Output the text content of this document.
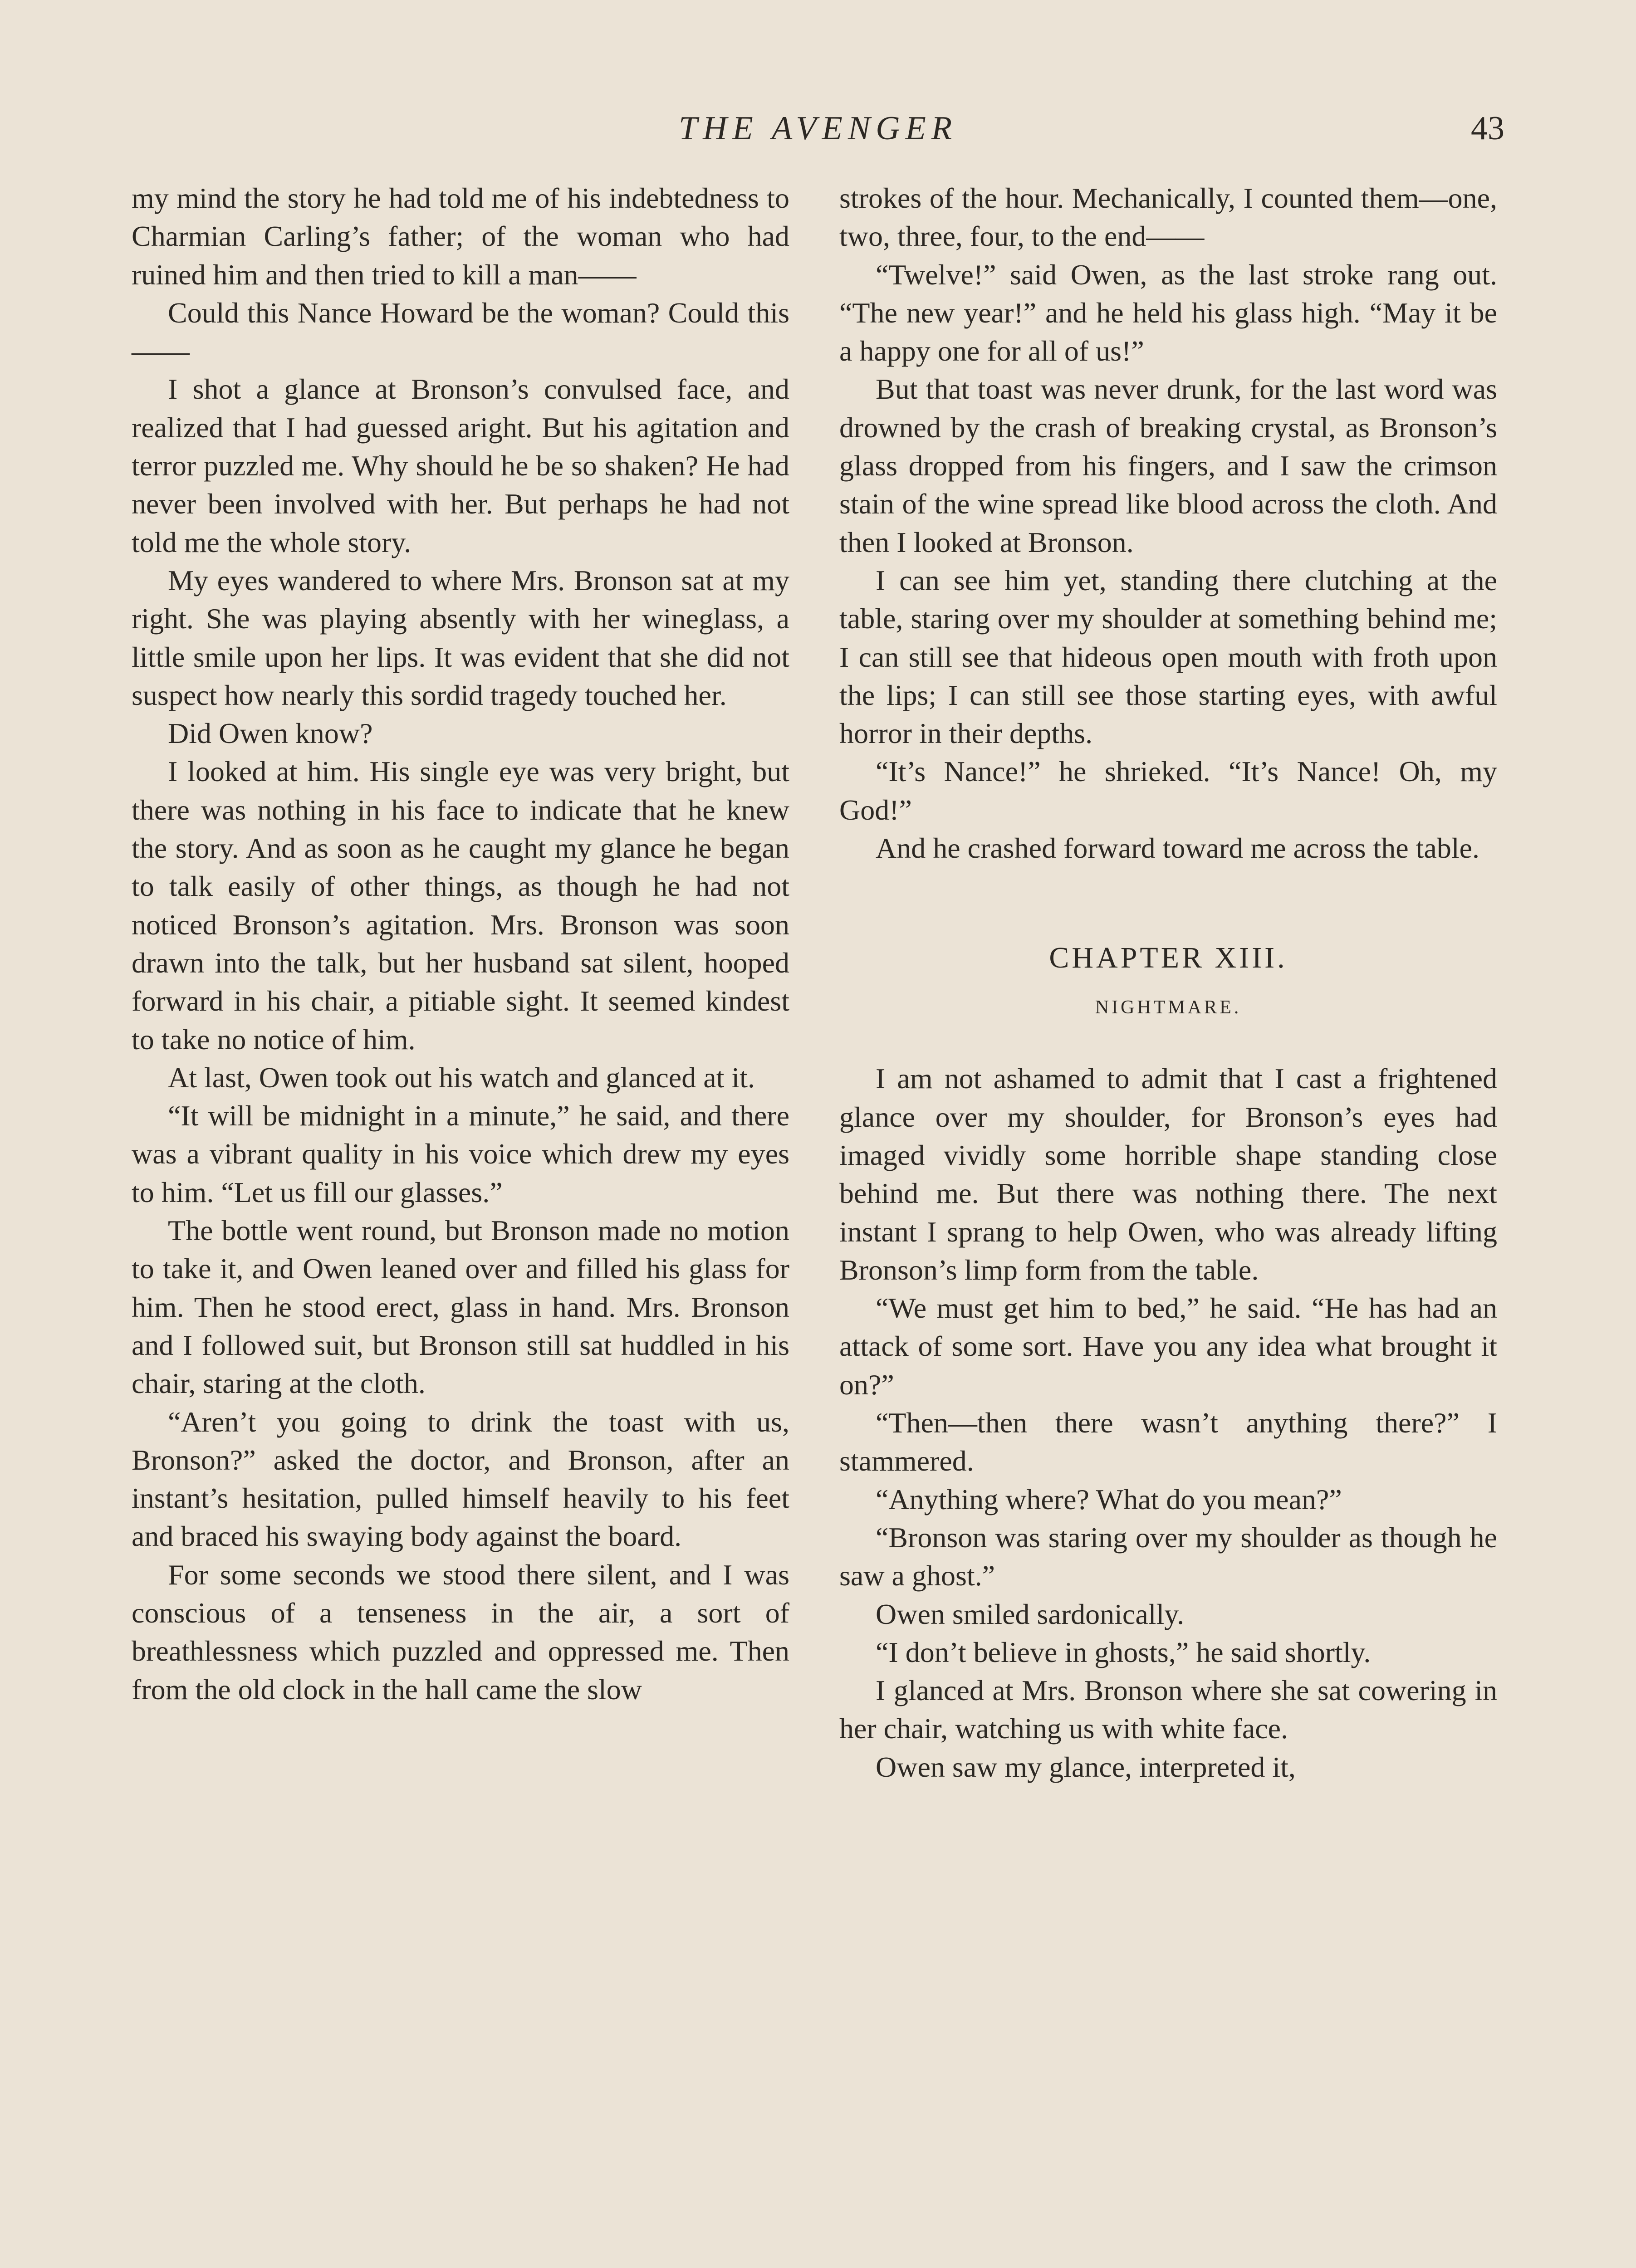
THE AVENGER	43

my mind the story he had told me of his indebtedness to Charmian Carling’s father; of the woman who had ruined him and then tried to kill a man——

Could this Nance Howard be the woman? Could this——

I shot a glance at Bronson’s convulsed face, and realized that I had guessed aright. But his agitation and terror puzzled me. Why should he be so shaken? He had never been involved with her. But perhaps he had not told me the whole story.

My eyes wandered to where Mrs. Bronson sat at my right. She was playing absently with her wineglass, a little smile upon her lips. It was evident that she did not suspect how nearly this sordid tragedy touched her.

Did Owen know?

I looked at him. His single eye was very bright, but there was nothing in his face to indicate that he knew the story. And as soon as he caught my glance he began to talk easily of other things, as though he had not noticed Bronson’s agitation. Mrs. Bronson was soon drawn into the talk, but her husband sat silent, hooped forward in his chair, a pitiable sight. It seemed kindest to take no notice of him.

At last, Owen took out his watch and glanced at it.

“It will be midnight in a minute,” he said, and there was a vibrant quality in his voice which drew my eyes to him. “Let us fill our glasses.”

The bottle went round, but Bronson made no motion to take it, and Owen leaned over and filled his glass for him. Then he stood erect, glass in hand. Mrs. Bronson and I followed suit, but Bronson still sat huddled in his chair, staring at the cloth.

“Aren’t you going to drink the toast with us, Bronson?” asked the doctor, and Bronson, after an instant’s hesitation, pulled himself heavily to his feet and braced his swaying body against the board.

For some seconds we stood there silent, and I was conscious of a tenseness in the air, a sort of breathlessness which puzzled and oppressed me. Then from the old clock in the hall came the slow

strokes of the hour. Mechanically, I counted them—one, two, three, four, to the end——

“Twelve!” said Owen, as the last stroke rang out. “The new year!” and he held his glass high. “May it be a happy one for all of us!”

But that toast was never drunk, for the last word was drowned by the crash of breaking crystal, as Bronson’s glass dropped from his fingers, and I saw the crimson stain of the wine spread like blood across the cloth. And then I looked at Bronson.

I can see him yet, standing there clutching at the table, staring over my shoulder at something behind me; I can still see that hideous open mouth with froth upon the lips; I can still see those starting eyes, with awful horror in their depths.

“It’s Nance!” he shrieked. “It’s Nance! Oh, my God!”

And he crashed forward toward me across the table.

CHAPTER XIII.
NIGHTMARE.

I am not ashamed to admit that I cast a frightened glance over my shoulder, for Bronson’s eyes had imaged vividly some horrible shape standing close behind me. But there was nothing there. The next instant I sprang to help Owen, who was already lifting Bronson’s limp form from the table.

“We must get him to bed,” he said. “He has had an attack of some sort. Have you any idea what brought it on?”

“Then—then there wasn’t anything there?” I stammered.

“Anything where? What do you mean?”

“Bronson was staring over my shoulder as though he saw a ghost.”

Owen smiled sardonically.

“I don’t believe in ghosts,” he said shortly.

I glanced at Mrs. Bronson where she sat cowering in her chair, watching us with white face.

Owen saw my glance, interpreted it,
